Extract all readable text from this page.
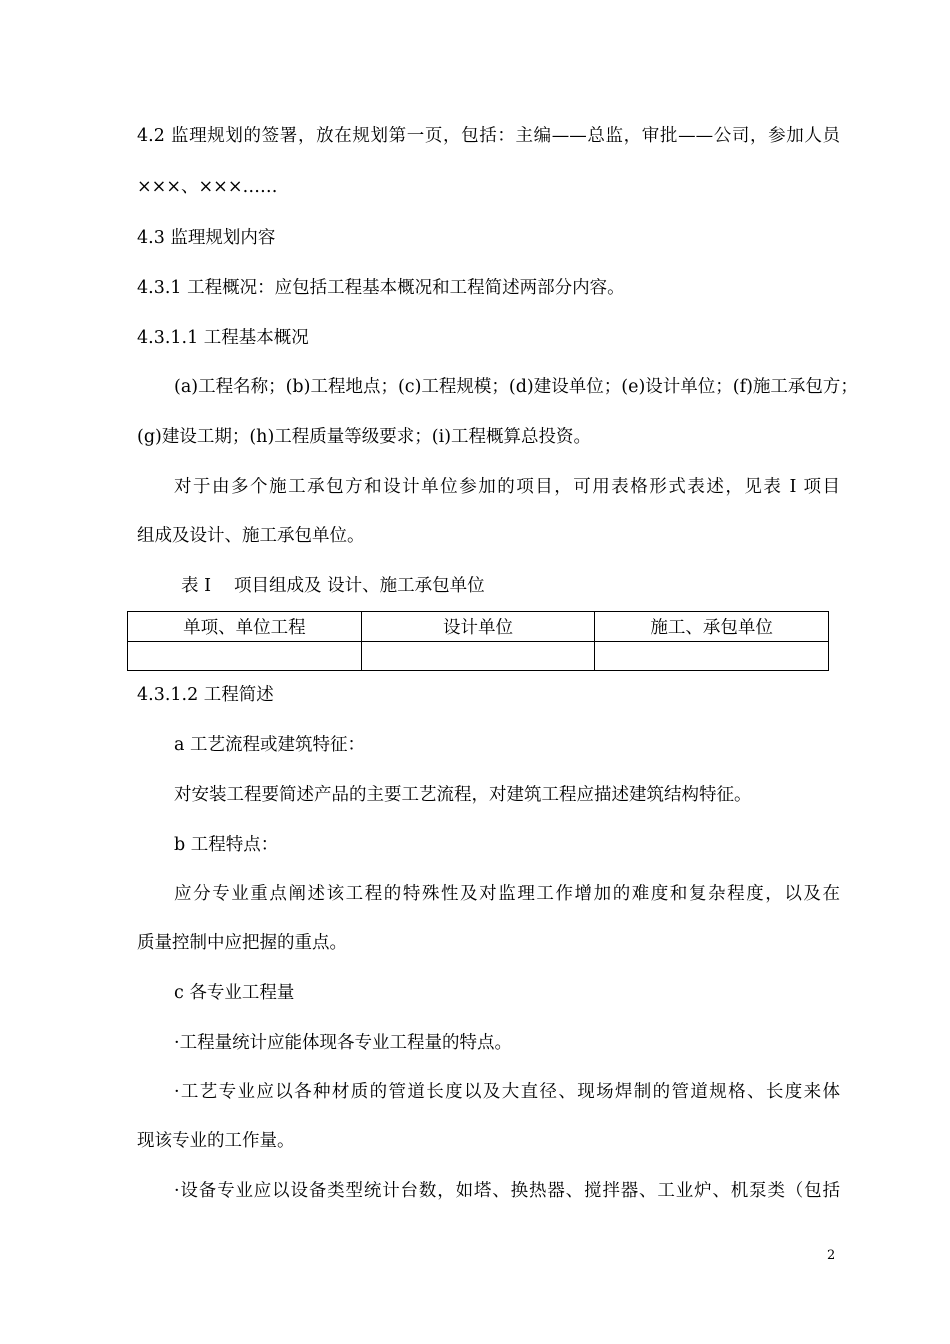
4.2 监理规划的签署，放在规划第一页，包括：主编——总监，审批——公司，参加人员
×××、×××……
4.3 监理规划内容
4.3.1 工程概况：应包括工程基本概况和工程简述两部分内容。
4.3.1.1 工程基本概况
(a)工程名称；(b)工程地点；(c)工程规模；(d)建设单位；(e)设计单位；(f)施工承包方；
(g)建设工期；(h)工程质量等级要求；(i)工程概算总投资。
对于由多个施工承包方和设计单位参加的项目，可用表格形式表述，见表 I 项目
组成及设计、施工承包单位。
表 I　 项目组成及 设计、施工承包单位
单项、单位工程	设计单位	施工、承包单位

4.3.1.2 工程简述
a 工艺流程或建筑特征：
对安装工程要简述产品的主要工艺流程，对建筑工程应描述建筑结构特征。
b 工程特点：
应分专业重点阐述该工程的特殊性及对监理工作增加的难度和复杂程度，以及在
质量控制中应把握的重点。
c 各专业工程量
·工程量统计应能体现各专业工程量的特点。
·工艺专业应以各种材质的管道长度以及大直径、现场焊制的管道规格、长度来体
现该专业的工作量。
·设备专业应以设备类型统计台数，如塔、换热器、搅拌器、工业炉、机泵类（包括
2
